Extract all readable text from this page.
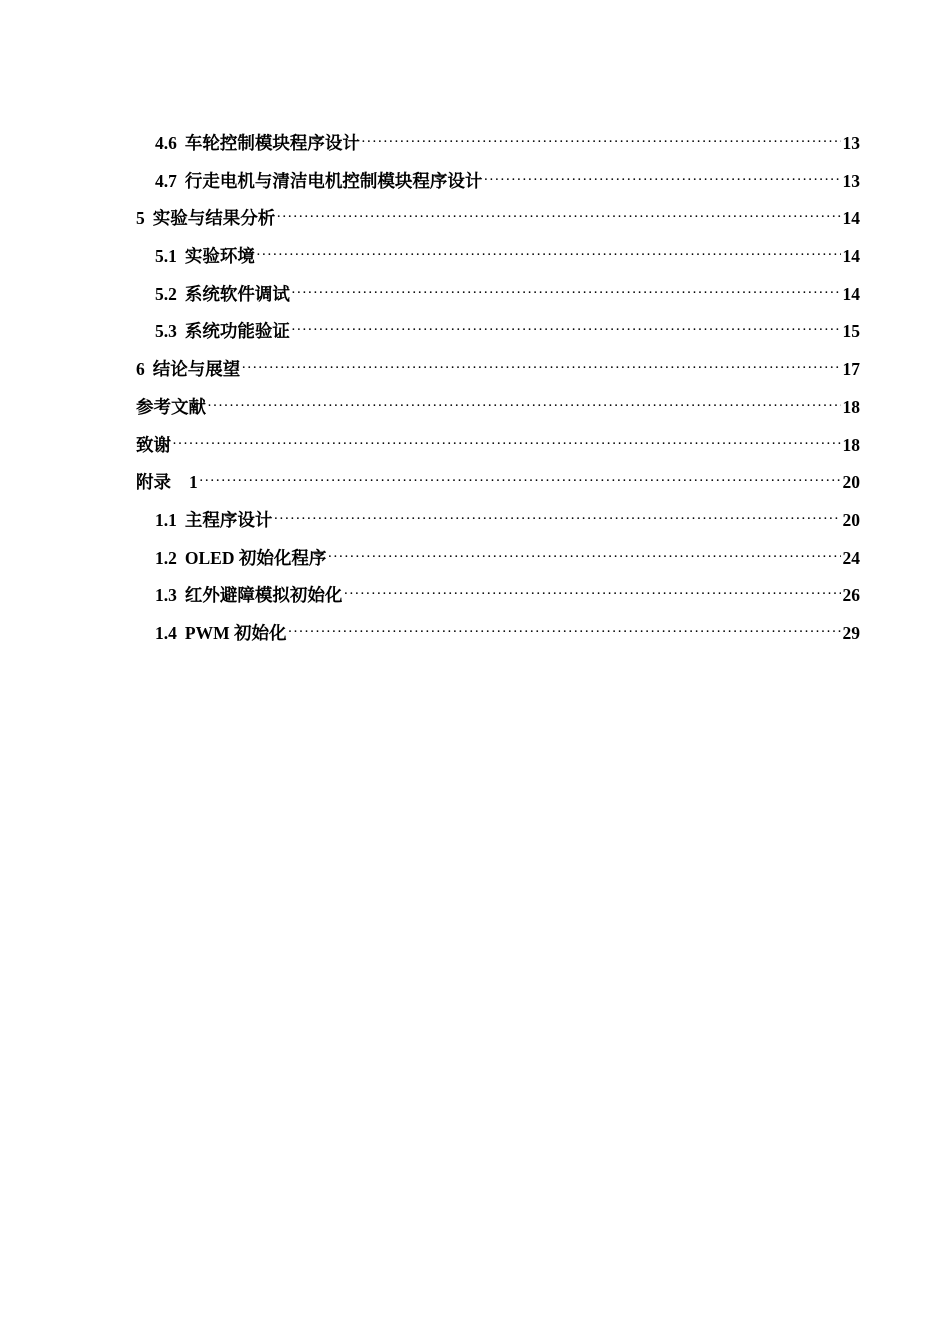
4.6 车轮控制模块程序设计 ·····	13
4.7 行走电机与清洁电机控制模块程序设计 ·····	13
5 实验与结果分析 ·····	14
5.1 实验环境 ·····	14
5.2 系统软件调试 ·····	14
5.3 系统功能验证 ·····	15
6 结论与展望 ·····	17
参考文献 ·····	18
致谢 ·····	18
附录 1 ·····	20
1.1 主程序设计 ·····	20
1.2 OLED 初始化程序 ·····	24
1.3 红外避障模拟初始化 ·····	26
1.4 PWM 初始化 ·····	29
